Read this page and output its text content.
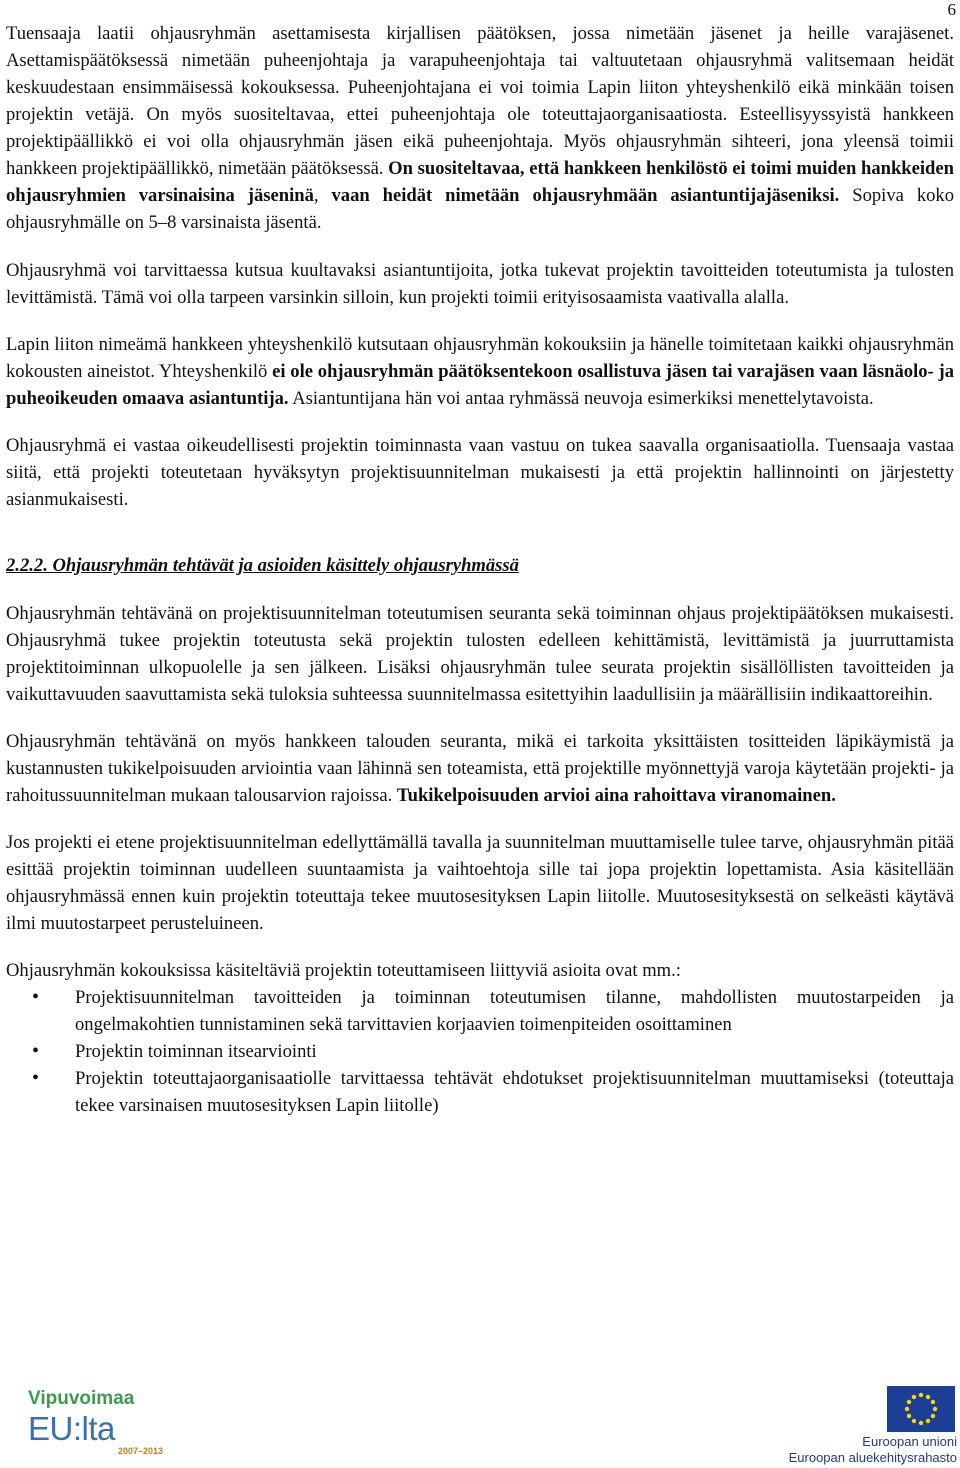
6

Tuensaaja laatii ohjausryhmän asettamisesta kirjallisen päätöksen, jossa nimetään jäsenet ja heille varajäsenet. Asettamispäätöksessä nimetään puheenjohtaja ja varapuheenjohtaja tai valtuutetaan ohjausryhmä valitsemaan heidät keskuudestaan ensimmäisessä kokouksessa. Puheenjohtajana ei voi toimia Lapin liiton yhteyshenkilö eikä minkään toisen projektin vetäjä. On myös suositeltavaa, ettei puheenjohtaja ole toteuttajaorganisaatiosta. Esteellisyyssyistä hankkeen projektipäällikkö ei voi olla ohjausryhmän jäsen eikä puheenjohtaja. Myös ohjausryhmän sihteeri, jona yleensä toimii hankkeen projektipäällikkö, nimetään päätöksessä. On suositeltavaa, että hankkeen henkilöstö ei toimi muiden hankkeiden ohjausryhmien varsinaisina jäseninä, vaan heidät nimetään ohjausryhmään asiantuntijajäseniksi. Sopiva koko ohjausryhmälle on 5–8 varsinaista jäsentä.

Ohjausryhmä voi tarvittaessa kutsua kuultavaksi asiantuntijoita, jotka tukevat projektin tavoitteiden toteutumista ja tulosten levittämistä. Tämä voi olla tarpeen varsinkin silloin, kun projekti toimii erityisosaamista vaativalla alalla.

Lapin liiton nimeämä hankkeen yhteyshenkilö kutsutaan ohjausryhmän kokouksiin ja hänelle toimitetaan kaikki ohjausryhmän kokousten aineistot. Yhteyshenkilö ei ole ohjausryhmän päätöksentekoon osallistuva jäsen tai varajäsen vaan läsnäolo- ja puheoikeuden omaava asiantuntija. Asiantuntijana hän voi antaa ryhmässä neuvoja esimerkiksi menettelytavoista.

Ohjausryhmä ei vastaa oikeudellisesti projektin toiminnasta vaan vastuu on tukea saavalla organisaatiolla. Tuensaaja vastaa siitä, että projekti toteutetaan hyväksytyn projektisuunnitelman mukaisesti ja että projektin hallinnointi on järjestetty asianmukaisesti.

2.2.2. Ohjausryhmän tehtävät ja asioiden käsittely ohjausryhmässä

Ohjausryhmän tehtävänä on projektisuunnitelman toteutumisen seuranta sekä toiminnan ohjaus projektipäätöksen mukaisesti. Ohjausryhmä tukee projektin toteutusta sekä projektin tulosten edelleen kehittämistä, levittämistä ja juurruttamista projektitoiminnan ulkopuolelle ja sen jälkeen. Lisäksi ohjausryhmän tulee seurata projektin sisällöllisten tavoitteiden ja vaikuttavuuden saavuttamista sekä tuloksia suhteessa suunnitelmassa esitettyihin laadullisiin ja määrällisiin indikaattoreihin.

Ohjausryhmän tehtävänä on myös hankkeen talouden seuranta, mikä ei tarkoita yksittäisten tositteiden läpikäymistä ja kustannusten tukikelpoisuuden arviointia vaan lähinnä sen toteamista, että projektille myönnettyjä varoja käytetään projekti- ja rahoitussuunnitelman mukaan talousarvion rajoissa. Tukikelpoisuuden arvioi aina rahoittava viranomainen.

Jos projekti ei etene projektisuunnitelman edellyttämällä tavalla ja suunnitelman muuttamiselle tulee tarve, ohjausryhmän pitää esittää projektin toiminnan uudelleen suuntaamista ja vaihtoehtoja sille tai jopa projektin lopettamista. Asia käsitellään ohjausryhmässä ennen kuin projektin toteuttaja tekee muutosesityksen Lapin liitolle. Muutosesityksestä on selkeästi käytävä ilmi muutostarpeet perusteluineen.

Ohjausryhmän kokouksissa käsiteltäviä projektin toteuttamiseen liittyviä asioita ovat mm.:

• Projektisuunnitelman tavoitteiden ja toiminnan toteutumisen tilanne, mahdollisten muutostarpeiden ja ongelmakohtien tunnistaminen sekä tarvittavien korjaavien toimenpiteiden osoittaminen
• Projektin toiminnan itsearviointi
• Projektin toteuttajaorganisaatiolle tarvittaessa tehtävät ehdotukset projektisuunnitelman muuttamiseksi (toteuttaja tekee varsinaisen muutosesityksen Lapin liitolle)
Vipuvoimaa
EU:lta
2007–2013
Euroopan unioni
Euroopan aluekehitysrahasto
